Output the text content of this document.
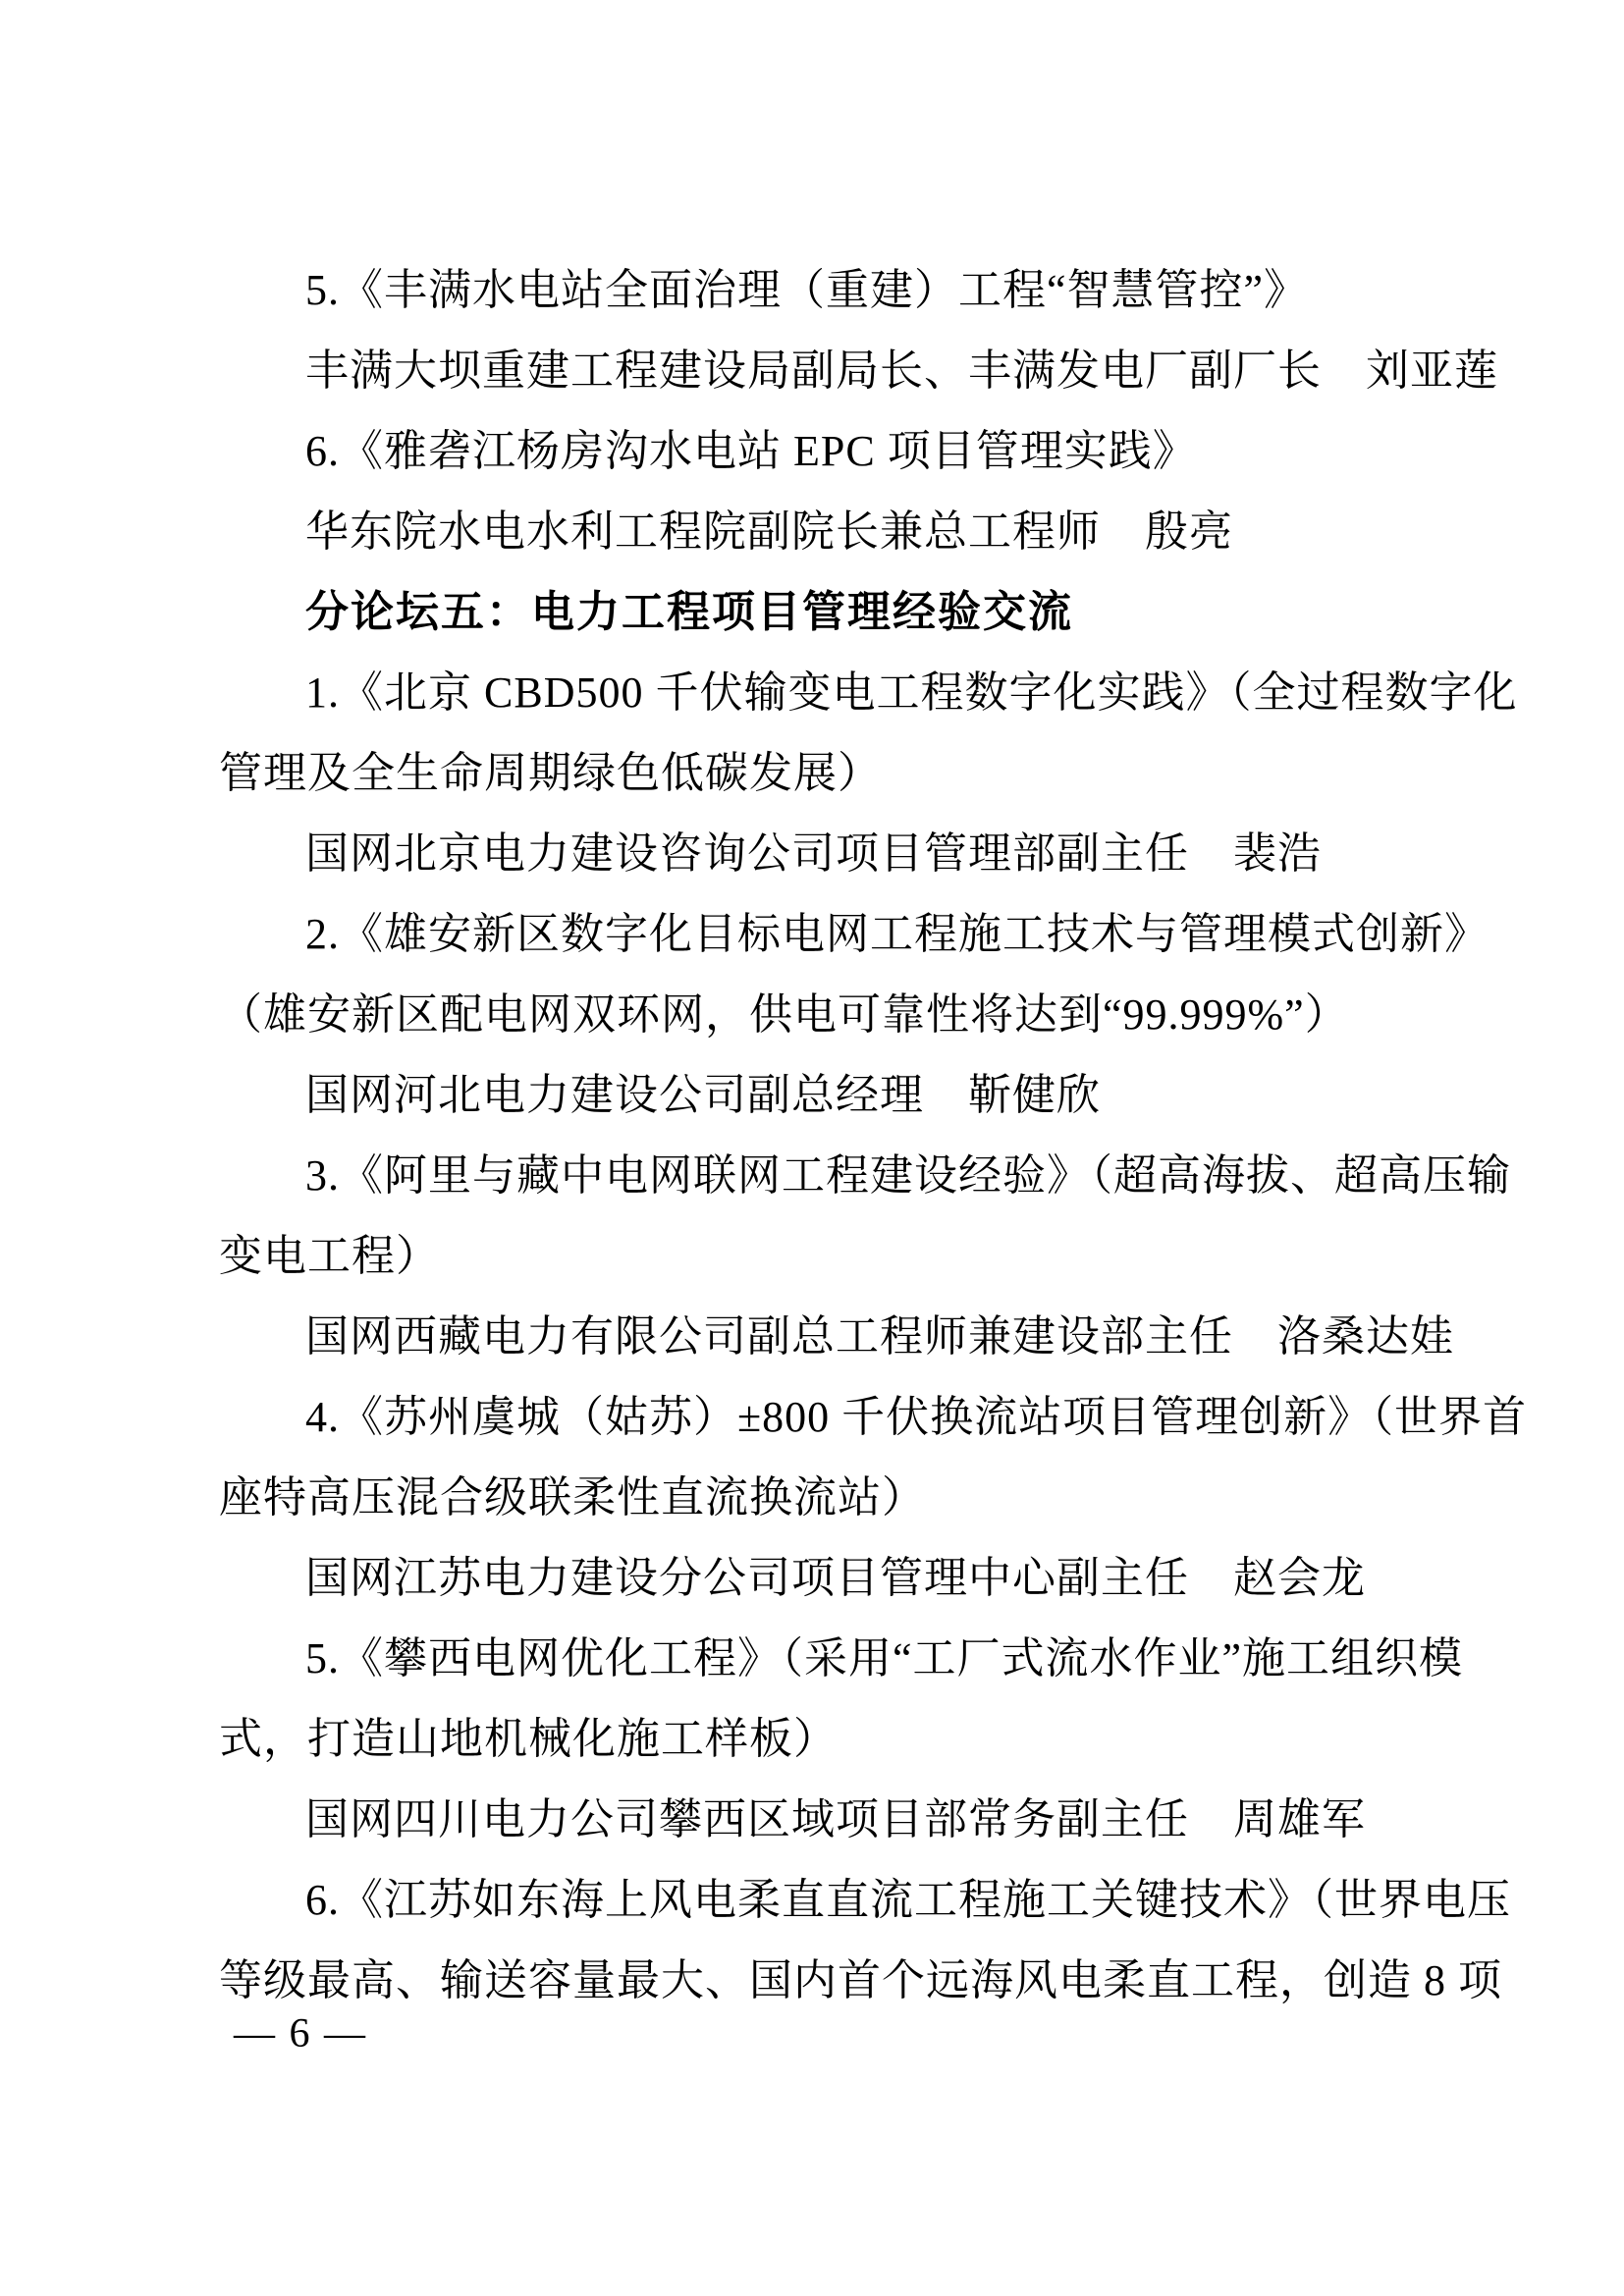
5.《丰满水电站全面治理（重建）工程“智慧管控”》
丰满大坝重建工程建设局副局长、丰满发电厂副厂长　刘亚莲
6.《雅砻江杨房沟水电站 EPC 项目管理实践》
华东院水电水利工程院副院长兼总工程师　殷亮
分论坛五：电力工程项目管理经验交流
1.《北京 CBD500 千伏输变电工程数字化实践》（全过程数字化
管理及全生命周期绿色低碳发展）
国网北京电力建设咨询公司项目管理部副主任　裴浩
2.《雄安新区数字化目标电网工程施工技术与管理模式创新》
（雄安新区配电网双环网，供电可靠性将达到“99.999%”）
国网河北电力建设公司副总经理　靳健欣
3.《阿里与藏中电网联网工程建设经验》（超高海拔、超高压输
变电工程）
国网西藏电力有限公司副总工程师兼建设部主任　洛桑达娃
4.《苏州虞城（姑苏）±800 千伏换流站项目管理创新》（世界首
座特高压混合级联柔性直流换流站）
国网江苏电力建设分公司项目管理中心副主任　赵会龙
5.《攀西电网优化工程》（采用“工厂式流水作业”施工组织模
式，打造山地机械化施工样板）
国网四川电力公司攀西区域项目部常务副主任　周雄军
6.《江苏如东海上风电柔直直流工程施工关键技术》（世界电压
等级最高、输送容量最大、国内首个远海风电柔直工程，创造 8 项
— 6 —
